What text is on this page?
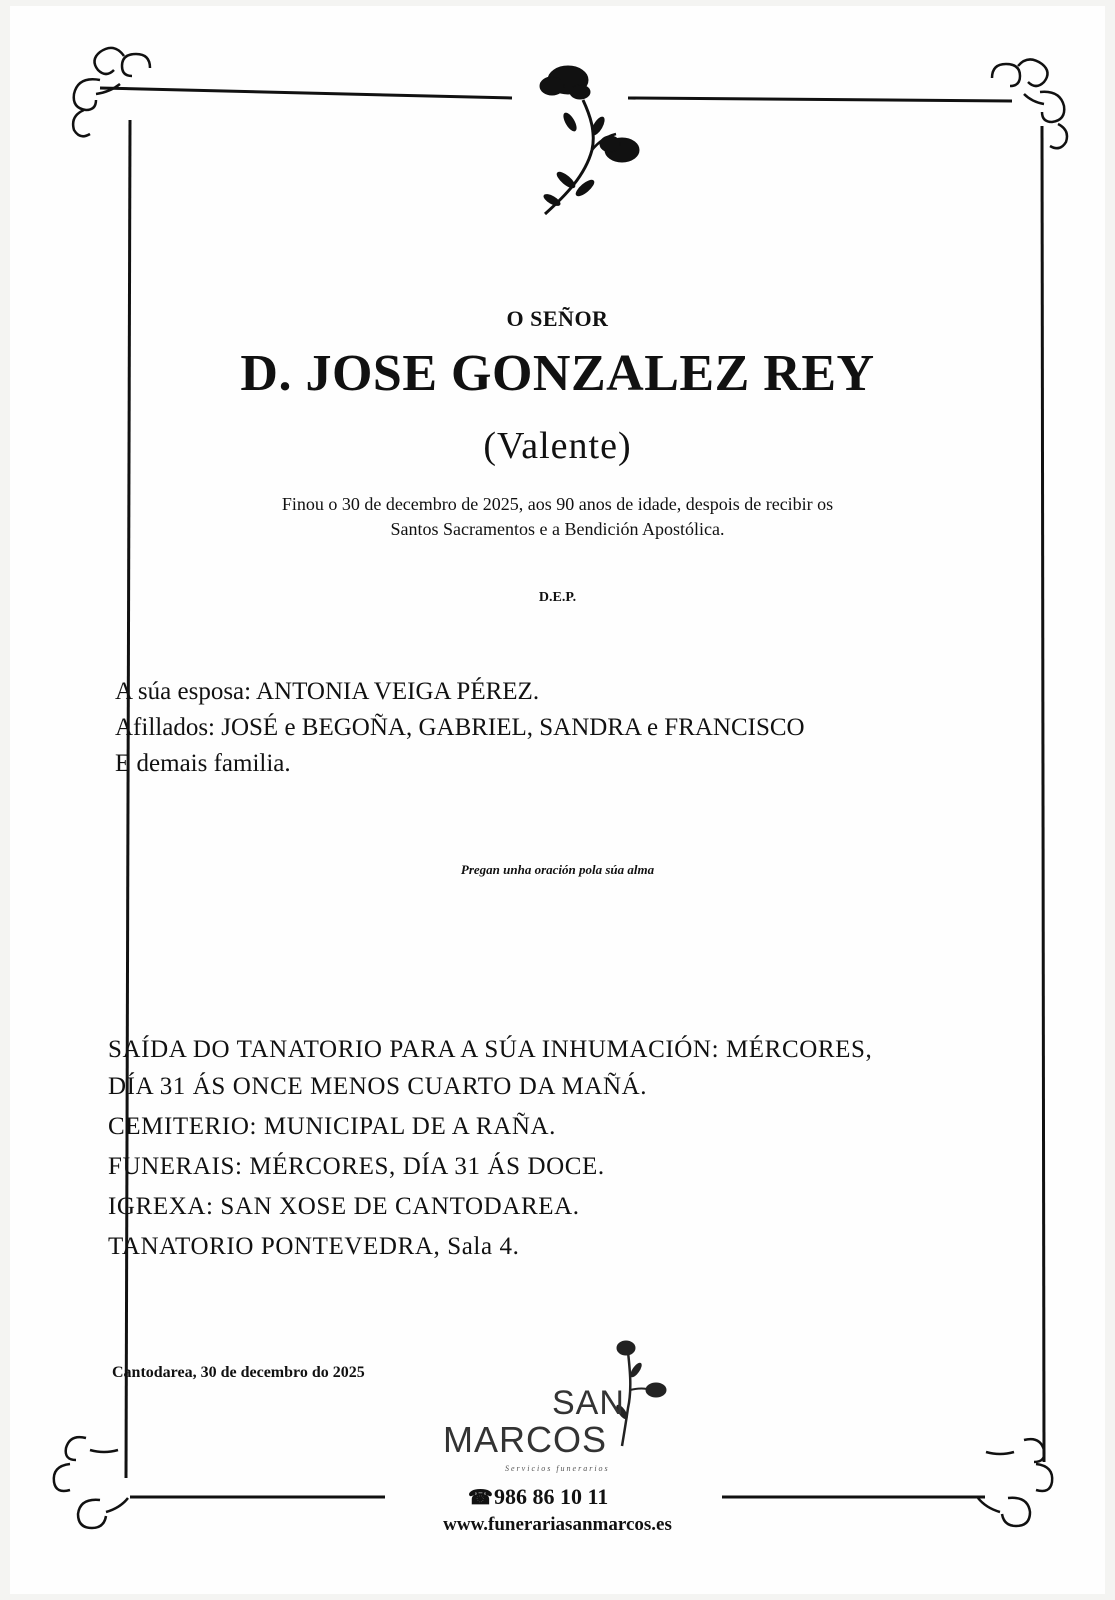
O SEÑOR

D. JOSE GONZALEZ REY

(Valente)

Finou o 30 de decembro de 2025, aos 90 anos de idade, despois de recibir os

Santos Sacramentos e a Bendición Apostólica.

D.E.P.

A súa esposa: ANTONIA VEIGA PÉREZ.

Afillados: JOSÉ e BEGOÑA, GABRIEL, SANDRA e FRANCISCO

E demais familia.

Pregan unha oración pola súa alma

SAÍDA DO TANATORIO PARA A SÚA INHUMACIÓN: MÉRCORES,

DÍA 31 ÁS ONCE MENOS CUARTO DA MAÑÁ.

CEMITERIO: MUNICIPAL DE A RAÑA.

FUNERAIS: MÉRCORES, DÍA 31 ÁS DOCE.

IGREXA: SAN XOSE DE CANTODAREA.

TANATORIO PONTEVEDRA, Sala 4.

Cantodarea, 30 de decembro do 2025

SAN

MARCOS

Servicios funerarios

☎986 86 10 11

www.funerariasanmarcos.es
